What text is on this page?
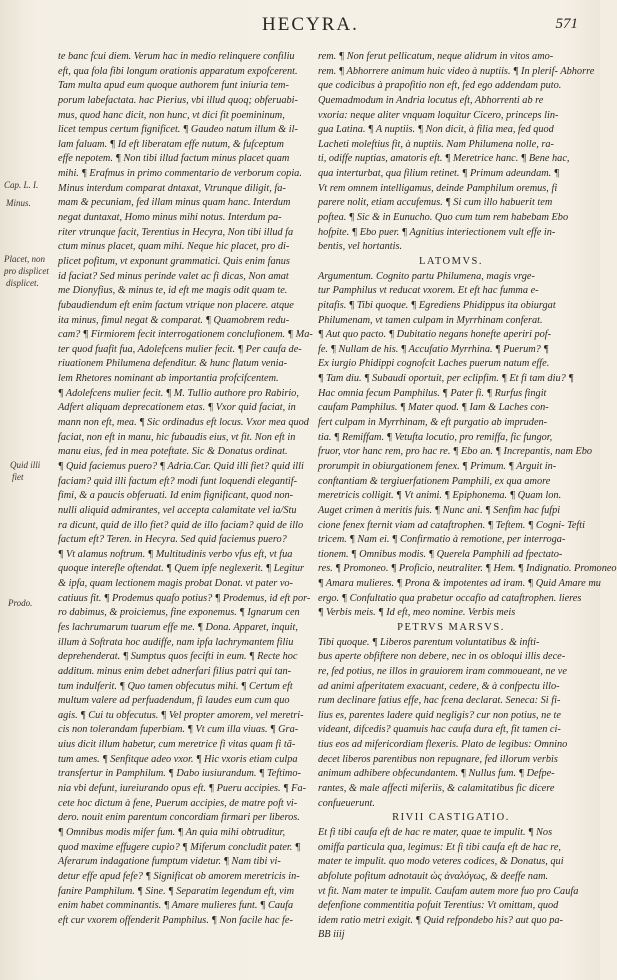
HECYRA.	571
te banc fcui diem. Verum hac in medio relinquere confiliu
eft, qua fola fibi longum orationis apparatum expofcerent.
Tam multa apud eum quoque authorem funt iniuria tem-
porum labefactata. hac Pierius, vbi illud quoq; obferuabi-
mus, quod hanc dicit, non hunc, vt dici fit poemininum,
licet tempus certum fignificet. ¶ Gaudeo natum illum & il-
lam faluam. ¶ Id eft liberatam effe nutum, & fufceptum
effe nepotem. ¶ Non tibi illud factum minus placet quam
mihi. ¶ Erafmus in primo commentario de verborum copia.
Minus interdum comparat dntaxat, Vtrunque diligit, fa-
mam & pecuniam, fed illam minus quam hanc. Interdum
negat duntaxat, Homo minus mihi notus. Interdum pa-
riter vtrunque facit, Terentius in Hecyra, Non tibi illud fa
ctum minus placet, quam mihi. Neque hic placet, pro di-
plicet pofitum, vt exponunt grammatici. Quis enim fanus
id faciat? Sed minus perinde valet ac fi dicas, Non amat
me Dionyfius, & minus te, id eft me magis odit quam te.
fubaudiendum eft enim factum vtrique non placere. atque
ita minus, fimul negat & comparat. ¶ Quamobrem redu-
cam? ¶ Firmiorem fecit interrogationem conclufionem. ¶ Ma-
ter quod fuafit fua, Adolefcens mulier fecit. ¶ Per caufa de-
riuationem Philumena defenditur. & hunc flatum venia-
lem Rhetores nominant ab importantia profcifcentem.
¶ Adolefcens mulier fecit. ¶ M. Tullio authore pro Rabirio,
Adfert aliquam deprecationem etas. ¶ Vxor quid faciat, in
mann non eft, mea. ¶ Sic ordinadus eft locus. Vxor mea quod
faciat, non eft in manu, hic fubaudis eius, vt fit. Non eft in
manu eius, fed in mea poteftate. Sic & Donatus ordinat.
¶ Quid faciemus puero? ¶ Adria.Car. Quid illi fiet? quid illi
faciam? quid illi factum eft? modi funt loquendi elegantif-
fimi, & a paucis obferuati. Id enim fignificant, quod non-
nulli aliquid admirantes, vel accepta calamitate vel ia/Stu
ra dicunt, quid de illo fiet? quid de illo faciam? quid de illo
factum eft? Teren. in Hecyra. Sed quid faciemus puero?
¶ Vt alamus noftrum. ¶ Multitudinis verbo vfus eft, vt fua
quoque interefle oftendat. ¶ Quem ipfe neglexerit. ¶ Legitur
& ipfa, quam lectionem magis probat Donat. vt pater vo-
catiuus fit. ¶ Prodemus quafo potius? ¶ Prodemus, id eft por-
ro dabimus, & proiciemus, fine exponemus. ¶ Ignarum cen
fes lachrumarum tuarum effe me. ¶ Dona. Apparet, inquit,
illum à Softrata hoc audiffe, nam ipfa lachrymantem filiu
deprehenderat. ¶ Sumptus quos fecifti in eum. ¶ Recte hoc
additum. minus enim debet adnerfari filius patri qui tan-
tum indulferit. ¶ Quo tamen obfecutus mihi. ¶ Certum eft
multum valere ad perfuadendum, fi laudes eum cum quo
agis. ¶ Cui tu obfecutus. ¶ Vel propter amorem, vel meretri-
cis non tolerandam fuperbiam. ¶ Vt cum illa viuas. ¶ Gra-
uius dicit illum habetur, cum meretrice fi vitas quam fi tã-
tum ames. ¶ Senfitque adeo vxor. ¶ Hic vxoris etiam culpa
transfertur in Pamphilum. ¶ Dabo iusiurandum. ¶ Teftimo-
nia vbi defunt, iureiurando opus eft. ¶ Pueru accipies. ¶ Fa-
cete hoc dictum à fene, Puerum accipies, de matre poft vi-
dero. nouit enim parentum concordiam firmari per liberos.
¶ Omnibus modis mifer fum. ¶ An quia mihi obtruditur,
quod maxime effugere cupio? ¶ Miferum concludit pater. ¶
Aferarum indagatione fumptum videtur. ¶ Nam tibi vi-
detur effe apud fefe? ¶ Significat ob amorem meretricis in-
fanire Pamphilum. ¶ Sine. ¶ Separatim legendum eft, vim
enim habet comminantis. ¶ Amare mulieres funt. ¶ Caufa
eft cur vxorem offenderit Pamphilus. ¶ Non facile hac fe-
rem. ¶ Non ferut pellicatum, neque alidrum in vitos amo-
rem. ¶ Abhorrere animum huic video à nuptiis. ¶ In plerif- Abhorre
que codicibus à prapofitio non eft, fed ego addendam puto.
Quemadmodum in Andria locutus eft, Abhorrenti ab re
vxoria: neque aliter vnquam loquitur Cicero, princeps lin-
gua Latina. ¶ A nuptiis. ¶ Non dicit, à filia mea, fed quod
Lacheti moleftius fit, à nuptiis. Nam Philumena nolle, ra-
ti, odiffe nuptias, amatoris eft. ¶ Meretrice hanc. ¶ Bene hac,
qua interturbat, qua filium retinet. ¶ Primum adeundam. ¶
Vt rem omnem intelligamus, deinde Pamphilum oremus, fi
parere nolit, etiam accufemus. ¶ Si cum illo habuerit tem
poftea. ¶ Sic & in Eunucho. Quo cum tum rem habebam Ebo
hofpite. ¶ Ebo puer. ¶ Agnitius interiectionem vult effe in-
bentis, vel hortantis.
LATOMVS.
Argumentum. Cognito partu Philumena, magis vrge-
tur Pamphilus vt reducat vxorem. Et eft hac fumma e-
pitafis. ¶ Tibi quoque. ¶ Egrediens Phidippus ita obiurgat
Philumenam, vt tamen culpam in Myrrhinam conferat.
¶ Aut quo pacto. ¶ Dubitatio negans honefte aperiri pof-
fe. ¶ Nullam de his. ¶ Accufatio Myrrhina. ¶ Puerum? ¶
Ex iurgio Phidippi cognofcit Laches puerum natum effe.
¶ Tam diu. ¶ Subaudi oportuit, per eclipfim. ¶ Et fi tam diu? ¶
Hac omnia fecum Pamphilus. ¶ Pater fi. ¶ Rurfus fingit
caufam Pamphilus. ¶ Mater quod. ¶ Iam & Laches con-
fert culpam in Myrrhinam, & eft purgatio ab impruden-
tia. ¶ Remiffam. ¶ Vetufta locutio, pro remiffa, fic fungor,
fruor, vtor hanc rem, pro hac re. ¶ Ebo an. ¶ Increpantis, nam Ebo
prorumpit in obiurgationem fenex. ¶ Primum. ¶ Arguit in-
conftantiam & tergiuerfationem Pamphili, ex qua amore
meretricis colligit. ¶ Vt animi. ¶ Epiphonema. ¶ Quam lon.
Auget crimen à meritis fuis. ¶ Nunc ani. ¶ Senfim hac fufpi
cione fenex fternit viam ad cataftrophen. ¶ Teftem. ¶ Cogni- Tefti
tricem. ¶ Nam ei. ¶ Confirmatio à remotione, per interroga-
tionem. ¶ Omnibus modis. ¶ Querela Pamphili ad fpectato-
res. ¶ Promoneo. ¶ Proficio, neutraliter. ¶ Hem. ¶ Indignatio. Promoneo
¶ Amara mulieres. ¶ Prona & impotentes ad iram. ¶ Quid Amare mu
ergo. ¶ Confultatio qua prabetur occafio ad cataftrophen. lieres
¶ Verbis meis. ¶ Id eft, meo nomine. Verbis meis
PETRVS MARSVS.
Tibi quoque. ¶ Liberos parentum voluntatibus & infti-
bus aperte obfiftere non debere, nec in os obloqui illis dece-
re, fed potius, ne illos in grauiorem iram commoueant, ne ve
ad animi afperitatem exacuant, cedere, & à confpectu illo-
rum declinare fatius effe, hac fcena declarat. Seneca: Si fi-
lius es, parentes ladere quid negligis? cur non potius, ne te
videant, difcedis? quamuis hac caufa dura eft, fit tamen ci-
tius eos ad mifericordiam flexeris. Plato de legibus: Omnino
decet liberos parentibus non repugnare, fed illorum verbis
animum adhibere obfecundantem. ¶ Nullus fum. ¶ Defpe-
rantes, & male affecti miferiis, & calamitatibus fic dicere
confueuerunt.
RIVII CASTIGATIO.
Et fi tibi caufa eft de hac re mater, quae te impulit. ¶ Nos
omiffa particula qua, legimus: Et fi tibi caufa eft de hac re,
mater te impulit. quo modo veteres codices, & Donatus, qui
abfolute pofitum adnotauit ὡς ἀναλόγως, & deeffe nam.
vt fit. Nam mater te impulit. Caufam autem more fuo pro Caufa
defenfione commentitia pofuit Terentius: Vt omittam, quod
idem ratio metri exigit. ¶ Quid refpondebo his? aut quo pa-
BB iiij
Cap. L. I.
Minus.
Placet, non
pro displicet
displicet.
Quid illi
fiet
Prodo.
